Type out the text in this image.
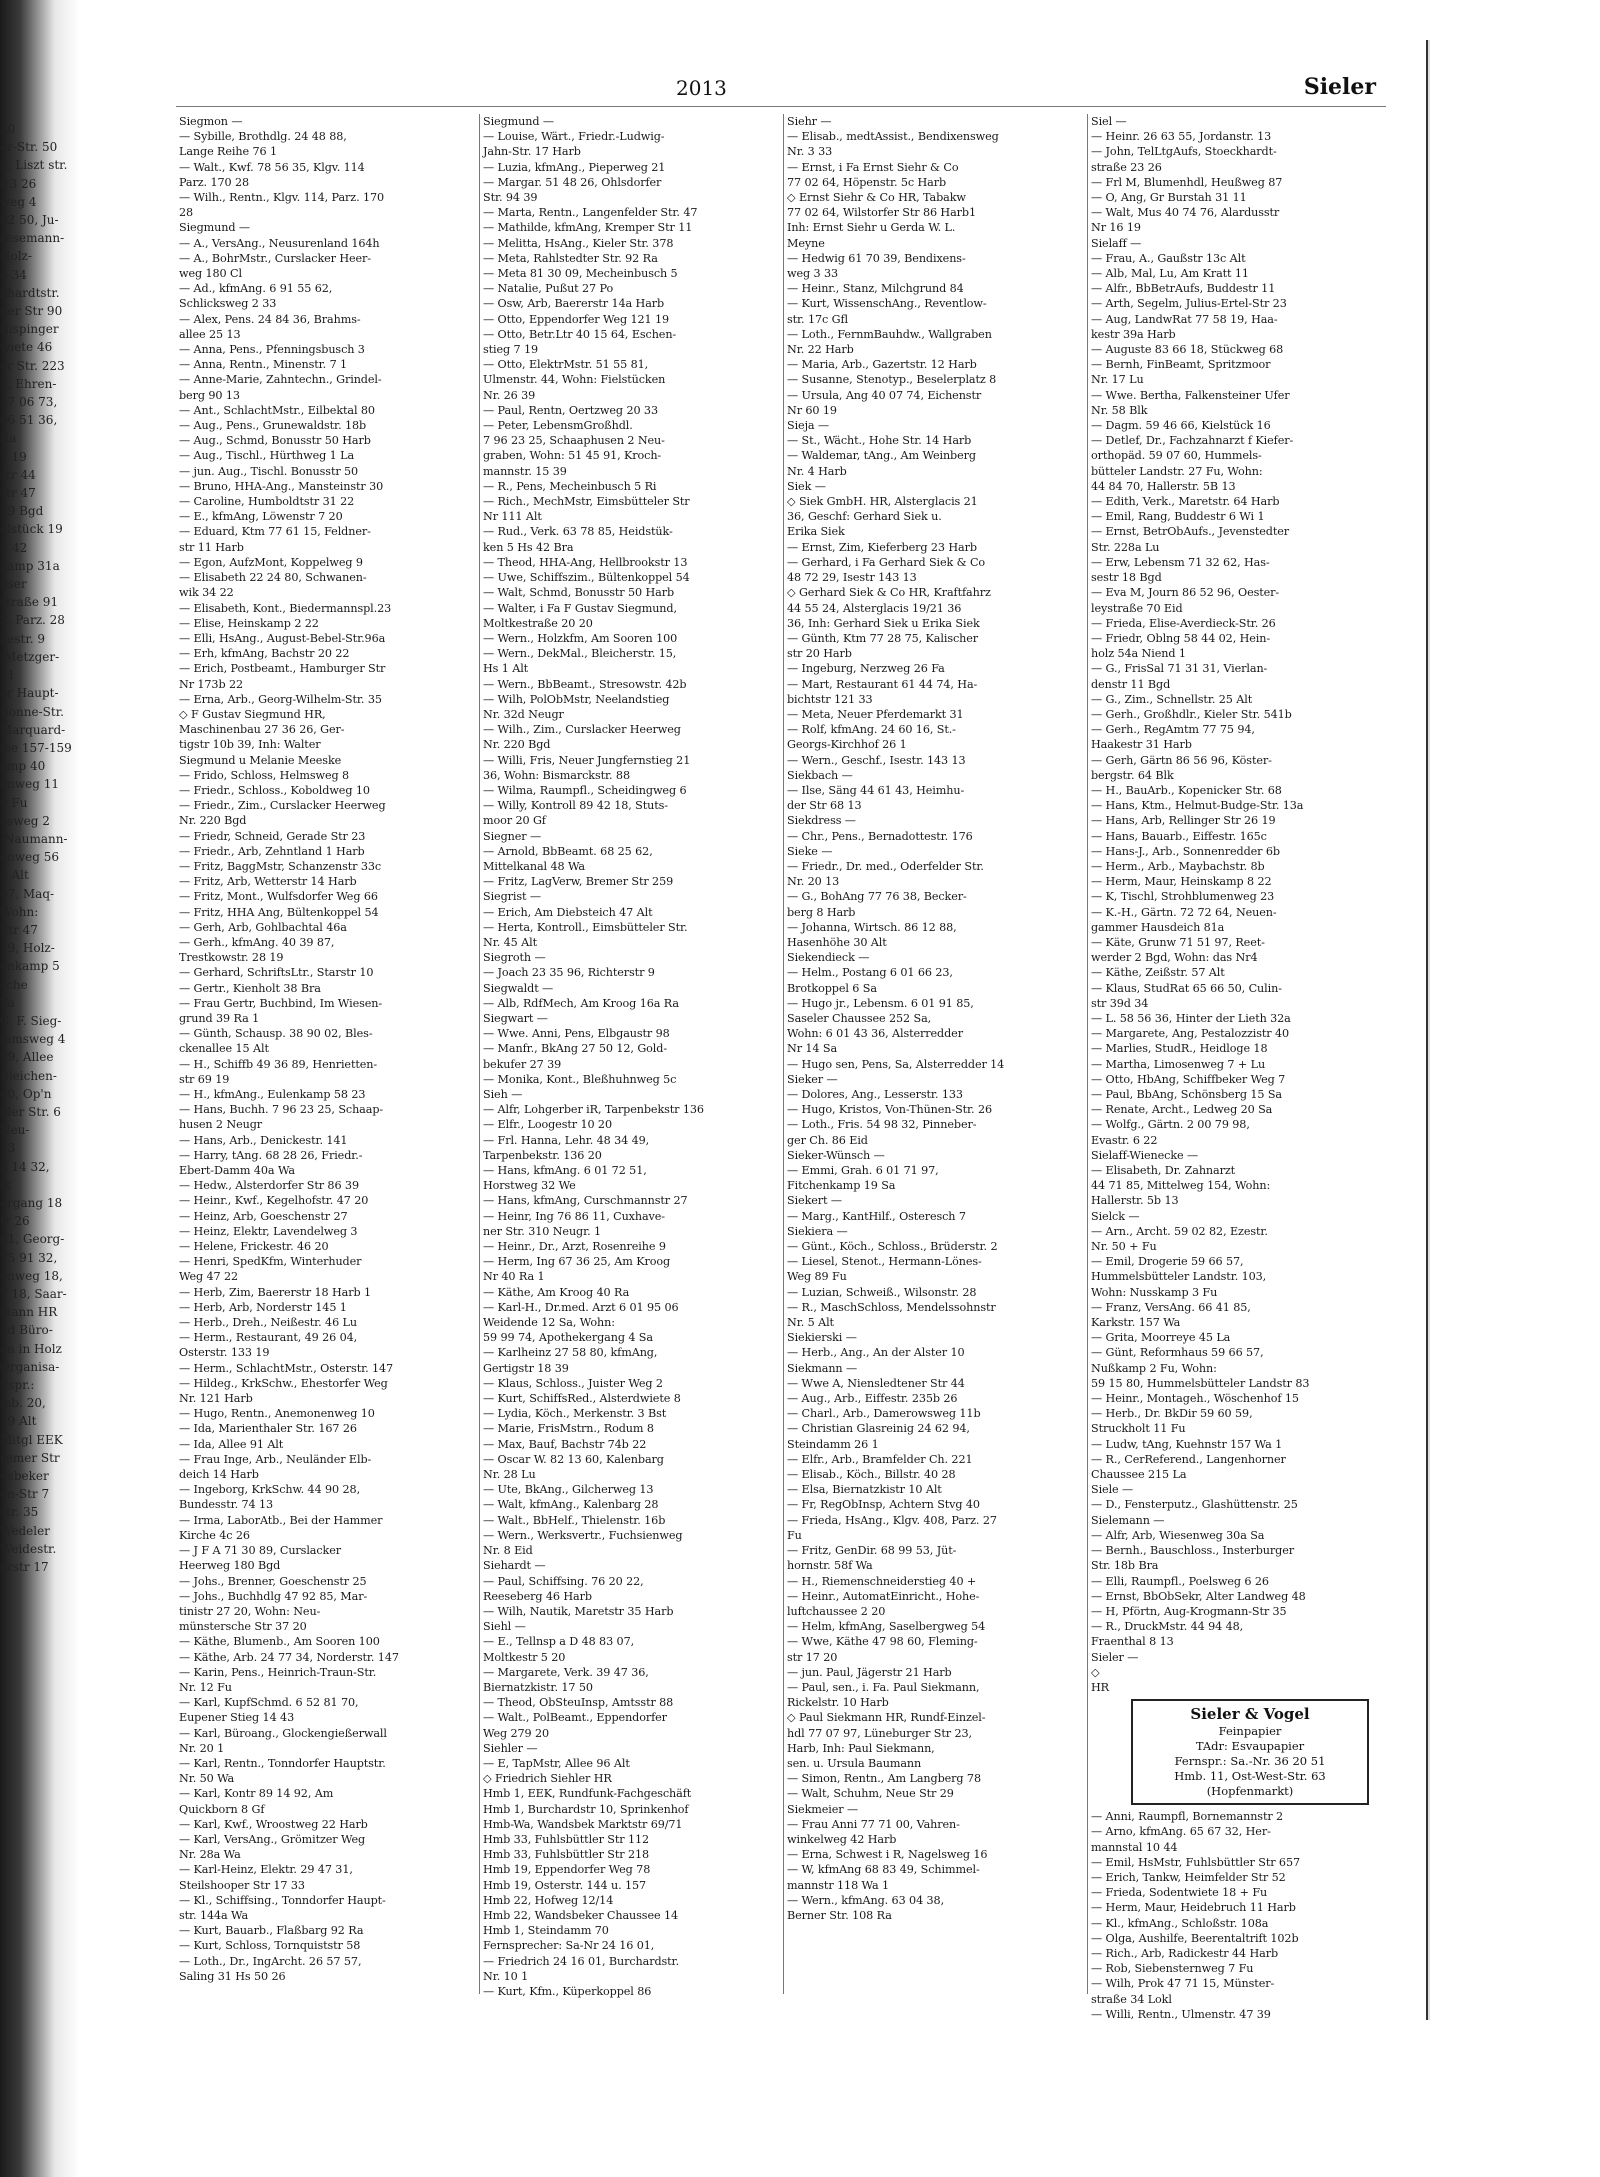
20
er-Str. 50
2, Liszt str.
r 3 26
weg 4
82 50, Ju-
resemann-
Holz-
6 34
khardtstr.
ger Str 90
Bispinger
wiete 46
er Str. 223
5, Ehren-
27 06 73,
66 51 36,
Ra
7 19
str 44
str 47
29 Bgd
elstück 19
r. 42
kamp 31a
user
straße 91
2, Parz. 28
kestr. 9
-Metzger-
11
er Haupt-
Bonne-Str.
Marquard-
lee 157-159
amp 40
enweg 11
9 Fu
osweg 2
-Naumann-
enweg 56
2 Alt
47, Maq-
Wohn:
Str 47
19, Holz-
enkamp 5
sche
Fa
C. F. Sieg-
mmsweg 4
99, Allee
Bleichen-
60, Op'n
lder Str. 6
Neu-
13
5 14 32,
lk
ergang 18
tr 26
61, Georg-
75 91 32,
enweg 18,
7 18, Saar-
mann HR
nd Büro-
en in Holz
Organisa-
Fspr.:
mb. 20,
19 Alt
Mitgl EEK
remer Str
dsbeker
en-Str 7
str. 35
Wedeler
Weidestr.
erstr 17
2013	Sieler
Siegmon —
— Sybille, Brothdlg. 24 48 88,
Lange Reihe 76 1
— Walt., Kwf. 78 56 35, Klgv. 114
Parz. 170 28
— Wilh., Rentn., Klgv. 114, Parz. 170
28
Siegmund —
— A., VersAng., Neusurenland 164h
— A., BohrMstr., Curslacker Heer-
weg 180 Cl
— Ad., kfmAng. 6 91 55 62,
Schlicksweg 2 33
— Alex, Pens. 24 84 36, Brahms-
allee 25 13
— Anna, Pens., Pfenningsbusch 3
— Anna, Rentn., Minenstr. 7 1
— Anne-Marie, Zahntechn., Grindel-
berg 90 13
— Ant., SchlachtMstr., Eilbektal 80
— Aug., Pens., Grunewaldstr. 18b
— Aug., Schmd, Bonusstr 50 Harb
— Aug., Tischl., Hürthweg 1 La
— jun. Aug., Tischl. Bonusstr 50
— Bruno, HHA-Ang., Mansteinstr 30
— Caroline, Humboldtstr 31 22
— E., kfmAng, Löwenstr 7 20
— Eduard, Ktm 77 61 15, Feldner-
str 11 Harb
— Egon, AufzMont, Koppelweg 9
— Elisabeth 22 24 80, Schwanen-
wik 34 22
— Elisabeth, Kont., Biedermannspl.23
— Elise, Heinskamp 2 22
— Elli, HsAng., August-Bebel-Str.96a
— Erh, kfmAng, Bachstr 20 22
— Erich, Postbeamt., Hamburger Str
Nr 173b 22
— Erna, Arb., Georg-Wilhelm-Str. 35
◇ F Gustav Siegmund HR,
Maschinenbau 27 36 26, Ger-
tigstr 10b 39, Inh: Walter
Siegmund u Melanie Meeske
— Frido, Schloss, Helmsweg 8
— Friedr., Schloss., Koboldweg 10
— Friedr., Zim., Curslacker Heerweg
Nr. 220 Bgd
— Friedr, Schneid, Gerade Str 23
— Friedr., Arb, Zehntland 1 Harb
— Fritz, BaggMstr, Schanzenstr 33c
— Fritz, Arb, Wetterstr 14 Harb
— Fritz, Mont., Wulfsdorfer Weg 66
— Fritz, HHA Ang, Bültenkoppel 54
— Gerh, Arb, Gohlbachtal 46a
— Gerh., kfmAng. 40 39 87,
Trestkowstr. 28 19
— Gerhard, SchriftsLtr., Starstr 10
— Gertr., Kienholt 38 Bra
— Frau Gertr, Buchbind, Im Wiesen-
grund 39 Ra 1
— Günth, Schausp. 38 90 02, Bles-
ckenallee 15 Alt
— H., Schiffb 49 36 89, Henrietten-
str 69 19
— H., kfmAng., Eulenkamp 58 23
— Hans, Buchh. 7 96 23 25, Schaap-
husen 2 Neugr
— Hans, Arb., Denickestr. 141
— Harry, tAng. 68 28 26, Friedr.-
Ebert-Damm 40a Wa
— Hedw., Alsterdorfer Str 86 39
— Heinr., Kwf., Kegelhofstr. 47 20
— Heinz, Arb, Goeschenstr 27
— Heinz, Elektr, Lavendelweg 3
— Helene, Frickestr. 46 20
— Henri, SpedKfm, Winterhuder
Weg 47 22
— Herb, Zim, Baererstr 18 Harb 1
— Herb, Arb, Norderstr 145 1
— Herb., Dreh., Neißestr. 46 Lu
— Herm., Restaurant, 49 26 04,
Osterstr. 133 19
— Herm., SchlachtMstr., Osterstr. 147
— Hildeg., KrkSchw., Ehestorfer Weg
Nr. 121 Harb
— Hugo, Rentn., Anemonenweg 10
— Ida, Marienthaler Str. 167 26
— Ida, Allee 91 Alt
— Frau Inge, Arb., Neuländer Elb-
deich 14 Harb
— Ingeborg, KrkSchw. 44 90 28,
Bundesstr. 74 13
— Irma, LaborAtb., Bei der Hammer
Kirche 4c 26
— J F A 71 30 89, Curslacker
Heerweg 180 Bgd
— Johs., Brenner, Goeschenstr 25
— Johs., Buchhdlg 47 92 85, Mar-
tinistr 27 20, Wohn: Neu-
münstersche Str 37 20
— Käthe, Blumenb., Am Sooren 100
— Käthe, Arb. 24 77 34, Norderstr. 147
— Karin, Pens., Heinrich-Traun-Str.
Nr. 12 Fu
— Karl, KupfSchmd. 6 52 81 70,
Eupener Stieg 14 43
— Karl, Büroang., Glockengießerwall
Nr. 20 1
— Karl, Rentn., Tonndorfer Hauptstr.
Nr. 50 Wa
— Karl, Kontr 89 14 92, Am
Quickborn 8 Gf
— Karl, Kwf., Wroostweg 22 Harb
— Karl, VersAng., Grömitzer Weg
Nr. 28a Wa
— Karl-Heinz, Elektr. 29 47 31,
Steilshooper Str 17 33
— Kl., Schiffsing., Tonndorfer Haupt-
str. 144a Wa
— Kurt, Bauarb., Flaßbarg 92 Ra
— Kurt, Schloss, Tornquiststr 58
— Loth., Dr., IngArcht. 26 57 57,
Saling 31 Hs 50 26
Siegmund —
— Louise, Wärt., Friedr.-Ludwig-
Jahn-Str. 17 Harb
— Luzia, kfmAng., Pieperweg 21
— Margar. 51 48 26, Ohlsdorfer
Str. 94 39
— Marta, Rentn., Langenfelder Str. 47
— Mathilde, kfmAng, Kremper Str 11
— Melitta, HsAng., Kieler Str. 378
— Meta, Rahlstedter Str. 92 Ra
— Meta 81 30 09, Mecheinbusch 5
— Natalie, Pußut 27 Po
— Osw, Arb, Baererstr 14a Harb
— Otto, Eppendorfer Weg 121 19
— Otto, Betr.Ltr 40 15 64, Eschen-
stieg 7 19
— Otto, ElektrMstr. 51 55 81,
Ulmenstr. 44, Wohn: Fielstücken
Nr. 26 39
— Paul, Rentn, Oertzweg 20 33
— Peter, LebensmGroßhdl.
7 96 23 25, Schaaphusen 2 Neu-
graben, Wohn: 51 45 91, Kroch-
mannstr. 15 39
— R., Pens, Mecheinbusch 5 Ri
— Rich., MechMstr, Eimsbütteler Str
Nr 111 Alt
— Rud., Verk. 63 78 85, Heidstük-
ken 5 Hs 42 Bra
— Theod, HHA-Ang, Hellbrookstr 13
— Uwe, Schiffszim., Bültenkoppel 54
— Walt, Schmd, Bonusstr 50 Harb
— Walter, i Fa F Gustav Siegmund,
Moltkestraße 20 20
— Wern., Holzkfm, Am Sooren 100
— Wern., DekMal., Bleicherstr. 15,
Hs 1 Alt
— Wern., BbBeamt., Stresowstr. 42b
— Wilh, PolObMstr, Neelandstieg
Nr. 32d Neugr
— Wilh., Zim., Curslacker Heerweg
Nr. 220 Bgd
— Willi, Fris, Neuer Jungfernstieg 21
36, Wohn: Bismarckstr. 88
— Wilma, Raumpfl., Scheidingweg 6
— Willy, Kontroll 89 42 18, Stuts-
moor 20 Gf
Siegner —
— Arnold, BbBeamt. 68 25 62,
Mittelkanal 48 Wa
— Fritz, LagVerw, Bremer Str 259
Siegrist —
— Erich, Am Diebsteich 47 Alt
— Herta, Kontroll., Eimsbütteler Str.
Nr. 45 Alt
Siegroth —
— Joach 23 35 96, Richterstr 9
Siegwaldt —
— Alb, RdfMech, Am Kroog 16a Ra
Siegwart —
— Wwe. Anni, Pens, Elbgaustr 98
— Manfr., BkAng 27 50 12, Gold-
bekufer 27 39
— Monika, Kont., Bleßhuhnweg 5c
Sieh —
— Alfr, Lohgerber iR, Tarpenbekstr 136
— Elfr., Loogestr 10 20
— Frl. Hanna, Lehr. 48 34 49,
Tarpenbekstr. 136 20
— Hans, kfmAng. 6 01 72 51,
Horstweg 32 We
— Hans, kfmAng, Curschmannstr 27
— Heinr, Ing 76 86 11, Cuxhave-
ner Str. 310 Neugr. 1
— Heinr., Dr., Arzt, Rosenreihe 9
— Herm, Ing 67 36 25, Am Kroog
Nr 40 Ra 1
— Käthe, Am Kroog 40 Ra
— Karl-H., Dr.med. Arzt 6 01 95 06
Weidende 12 Sa, Wohn:
59 99 74, Apothekergang 4 Sa
— Karlheinz 27 58 80, kfmAng,
Gertigstr 18 39
— Klaus, Schloss., Juister Weg 2
— Kurt, SchiffsRed., Alsterdwiete 8
— Lydia, Köch., Merkenstr. 3 Bst
— Marie, FrisMstrn., Rodum 8
— Max, Bauf, Bachstr 74b 22
— Oscar W. 82 13 60, Kalenbarg
Nr. 28 Lu
— Ute, BkAng., Gilcherweg 13
— Walt, kfmAng., Kalenbarg 28
— Walt., BbHelf., Thielenstr. 16b
— Wern., Werksvertr., Fuchsienweg
Nr. 8 Eid
Siehardt —
— Paul, Schiffsing. 76 20 22,
Reeseberg 46 Harb
— Wilh, Nautik, Maretstr 35 Harb
Siehl —
— E., Tellnsp a D 48 83 07,
Moltkestr 5 20
— Margarete, Verk. 39 47 36,
Biernatzkistr. 17 50
— Theod, ObSteuInsp, Amtsstr 88
— Walt., PolBeamt., Eppendorfer
Weg 279 20
Siehler —
— E, TapMstr, Allee 96 Alt
◇ Friedrich Siehler HR
Hmb 1, EEK, Rundfunk-Fachgeschäft
Hmb 1, Burchardstr 10, Sprinkenhof
Hmb-Wa, Wandsbek Marktstr 69/71
Hmb 33, Fuhlsbüttler Str 112
Hmb 33, Fuhlsbüttler Str 218
Hmb 19, Eppendorfer Weg 78
Hmb 19, Osterstr. 144 u. 157
Hmb 22, Hofweg 12/14
Hmb 22, Wandsbeker Chaussee 14
Hmb 1, Steindamm 70
Fernsprecher: Sa-Nr 24 16 01,
— Friedrich 24 16 01, Burchardstr.
Nr. 10 1
— Kurt, Kfm., Küperkoppel 86
Siehr —
— Elisab., medtAssist., Bendixensweg
Nr. 3 33
— Ernst, i Fa Ernst Siehr & Co
77 02 64, Höpenstr. 5c Harb
◇ Ernst Siehr & Co HR, Tabakw
77 02 64, Wilstorfer Str 86 Harb1
Inh: Ernst Siehr u Gerda W. L.
Meyne
— Hedwig 61 70 39, Bendixens-
weg 3 33
— Heinr., Stanz, Milchgrund 84
— Kurt, WissenschAng., Reventlow-
str. 17c Gfl
— Loth., FernmBauhdw., Wallgraben
Nr. 22 Harb
— Maria, Arb., Gazertstr. 12 Harb
— Susanne, Stenotyp., Beselerplatz 8
— Ursula, Ang 40 07 74, Eichenstr
Nr 60 19
Sieja —
— St., Wächt., Hohe Str. 14 Harb
— Waldemar, tAng., Am Weinberg
Nr. 4 Harb
Siek —
◇ Siek GmbH. HR, Alsterglacis 21
36, Geschf: Gerhard Siek u.
Erika Siek
— Ernst, Zim, Kieferberg 23 Harb
— Gerhard, i Fa Gerhard Siek & Co
48 72 29, Isestr 143 13
◇ Gerhard Siek & Co HR, Kraftfahrz
44 55 24, Alsterglacis 19/21 36
36, Inh: Gerhard Siek u Erika Siek
— Günth, Ktm 77 28 75, Kalischer
str 20 Harb
— Ingeburg, Nerzweg 26 Fa
— Mart, Restaurant 61 44 74, Ha-
bichtstr 121 33
— Meta, Neuer Pferdemarkt 31
— Rolf, kfmAng. 24 60 16, St.-
Georgs-Kirchhof 26 1
— Wern., Geschf., Isestr. 143 13
Siekbach —
— Ilse, Säng 44 61 43, Heimhu-
der Str 68 13
Siekdress —
— Chr., Pens., Bernadottestr. 176
Sieke —
— Friedr., Dr. med., Oderfelder Str.
Nr. 20 13
— G., BohAng 77 76 38, Becker-
berg 8 Harb
— Johanna, Wirtsch. 86 12 88,
Hasenhöhe 30 Alt
Siekendieck —
— Helm., Postang 6 01 66 23,
Brotkoppel 6 Sa
— Hugo jr., Lebensm. 6 01 91 85,
Saseler Chaussee 252 Sa,
Wohn: 6 01 43 36, Alsterredder
Nr 14 Sa
— Hugo sen, Pens, Sa, Alsterredder 14
Sieker —
— Dolores, Ang., Lesserstr. 133
— Hugo, Kristos, Von-Thünen-Str. 26
— Loth., Fris. 54 98 32, Pinneber-
ger Ch. 86 Eid
Sieker-Wünsch —
— Emmi, Grah. 6 01 71 97,
Fitchenkamp 19 Sa
Siekert —
— Marg., KantHilf., Osteresch 7
Siekiera —
— Günt., Köch., Schloss., Brüderstr. 2
— Liesel, Stenot., Hermann-Lönes-
Weg 89 Fu
— Luzian, Schweiß., Wilsonstr. 28
— R., MaschSchloss, Mendelssohnstr
Nr. 5 Alt
Siekierski —
— Herb., Ang., An der Alster 10
Siekmann —
— Wwe A, Niensledtener Str 44
— Aug., Arb., Eiffestr. 235b 26
— Charl., Arb., Damerowsweg 11b
— Christian Glasreinig 24 62 94,
Steindamm 26 1
— Elfr., Arb., Bramfelder Ch. 221
— Elisab., Köch., Billstr. 40 28
— Elsa, Biernatzkistr 10 Alt
— Fr, RegObInsp, Achtern Stvg 40
— Frieda, HsAng., Klgv. 408, Parz. 27
Fu
— Fritz, GenDir. 68 99 53, Jüt-
hornstr. 58f Wa
— H., Riemenschneiderstieg 40 +
— Heinr., AutomatEinricht., Hohe-
luftchaussee 2 20
— Helm, kfmAng, Saselbergweg 54
— Wwe, Käthe 47 98 60, Fleming-
str 17 20
— jun. Paul, Jägerstr 21 Harb
— Paul, sen., i. Fa. Paul Siekmann,
Rickelstr. 10 Harb
◇ Paul Siekmann HR, Rundf-Einzel-
hdl 77 07 97, Lüneburger Str 23,
Harb, Inh: Paul Siekmann,
sen. u. Ursula Baumann
— Simon, Rentn., Am Langberg 78
— Walt, Schuhm, Neue Str 29
Siekmeier —
— Frau Anni 77 71 00, Vahren-
winkelweg 42 Harb
— Erna, Schwest i R, Nagelsweg 16
— W, kfmAng 68 83 49, Schimmel-
mannstr 118 Wa 1
— Wern., kfmAng. 63 04 38,
Berner Str. 108 Ra
Siel —
— Heinr. 26 63 55, Jordanstr. 13
— John, TelLtgAufs, Stoeckhardt-
straße 23 26
— Frl M, Blumenhdl, Heußweg 87
— O, Ang, Gr Burstah 31 11
— Walt, Mus 40 74 76, Alardusstr
Nr 16 19
Sielaff —
— Frau, A., Gaußstr 13c Alt
— Alb, Mal, Lu, Am Kratt 11
— Alfr., BbBetrAufs, Buddestr 11
— Arth, Segelm, Julius-Ertel-Str 23
— Aug, LandwRat 77 58 19, Haa-
kestr 39a Harb
— Auguste 83 66 18, Stückweg 68
— Bernh, FinBeamt, Spritzmoor
Nr. 17 Lu
— Wwe. Bertha, Falkensteiner Ufer
Nr. 58 Blk
— Dagm. 59 46 66, Kielstück 16
— Detlef, Dr., Fachzahnarzt f Kiefer-
orthopäd. 59 07 60, Hummels-
bütteler Landstr. 27 Fu, Wohn:
44 84 70, Hallerstr. 5B 13
— Edith, Verk., Maretstr. 64 Harb
— Emil, Rang, Buddestr 6 Wi 1
— Ernst, BetrObAufs., Jevenstedter
Str. 228a Lu
— Erw, Lebensm 71 32 62, Has-
sestr 18 Bgd
— Eva M, Journ 86 52 96, Oester-
leystraße 70 Eid
— Frieda, Elise-Averdieck-Str. 26
— Friedr, Oblng 58 44 02, Hein-
holz 54a Niend 1
— G., FrisSal 71 31 31, Vierlan-
denstr 11 Bgd
— G., Zim., Schnellstr. 25 Alt
— Gerh., Großhdlr., Kieler Str. 541b
— Gerh., RegAmtm 77 75 94,
Haakestr 31 Harb
— Gerh, Gärtn 86 56 96, Köster-
bergstr. 64 Blk
— H., BauArb., Kopenicker Str. 68
— Hans, Ktm., Helmut-Budge-Str. 13a
— Hans, Arb, Rellinger Str 26 19
— Hans, Bauarb., Eiffestr. 165c
— Hans-J., Arb., Sonnenredder 6b
— Herm., Arb., Maybachstr. 8b
— Herm, Maur, Heinskamp 8 22
— K, Tischl, Strohblumenweg 23
— K.-H., Gärtn. 72 72 64, Neuen-
gammer Hausdeich 81a
— Käte, Grunw 71 51 97, Reet-
werder 2 Bgd, Wohn: das Nr4
— Käthe, Zeißstr. 57 Alt
— Klaus, StudRat 65 66 50, Culin-
str 39d 34
— L. 58 56 36, Hinter der Lieth 32a
— Margarete, Ang, Pestalozzistr 40
— Marlies, StudR., Heidloge 18
— Martha, Limosenweg 7 + Lu
— Otto, HbAng, Schiffbeker Weg 7
— Paul, BbAng, Schönsberg 15 Sa
— Renate, Archt., Ledweg 20 Sa
— Wolfg., Gärtn. 2 00 79 98,
Evastr. 6 22
Sielaff-Wienecke —
— Elisabeth, Dr. Zahnarzt
44 71 85, Mittelweg 154, Wohn:
Hallerstr. 5b 13
Sielck —
— Arn., Archt. 59 02 82, Ezestr.
Nr. 50 + Fu
— Emil, Drogerie 59 66 57,
Hummelsbütteler Landstr. 103,
Wohn: Nusskamp 3 Fu
— Franz, VersAng. 66 41 85,
Karkstr. 157 Wa
— Grita, Moorreye 45 La
— Günt, Reformhaus 59 66 57,
Nußkamp 2 Fu, Wohn:
59 15 80, Hummelsbütteler Landstr 83
— Heinr., Montageh., Wöschenhof 15
— Herb., Dr. BkDir 59 60 59,
Struckholt 11 Fu
— Ludw, tAng, Kuehnstr 157 Wa 1
— R., CerReferend., Langenhorner
Chaussee 215 La
Siele —
— D., Fensterputz., Glashüttenstr. 25
Sielemann —
— Alfr, Arb, Wiesenweg 30a Sa
— Bernh., Bauschloss., Insterburger
Str. 18b Bra
— Elli, Raumpfl., Poelsweg 6 26
— Ernst, BbObSekr, Alter Landweg 48
— H, Pförtn, Aug-Krogmann-Str 35
— R., DruckMstr. 44 94 48,
Fraenthal 8 13
Sieler —
◇
HR
Sieler & Vogel
Feinpapier
TAdr: Esvaupapier
Fernspr.: Sa.-Nr. 36 20 51
Hmb. 11, Ost-West-Str. 63
(Hopfenmarkt)
— Anni, Raumpfl, Bornemannstr 2
— Arno, kfmAng. 65 67 32, Her-
mannstal 10 44
— Emil, HsMstr, Fuhlsbüttler Str 657
— Erich, Tankw, Heimfelder Str 52
— Frieda, Sodentwiete 18 + Fu
— Herm, Maur, Heidebruch 11 Harb
— Kl., kfmAng., Schloßstr. 108a
— Olga, Aushilfe, Beerentaltrift 102b
— Rich., Arb, Radickestr 44 Harb
— Rob, Siebensternweg 7 Fu
— Wilh, Prok 47 71 15, Münster-
straße 34 Lokl
— Willi, Rentn., Ulmenstr. 47 39
